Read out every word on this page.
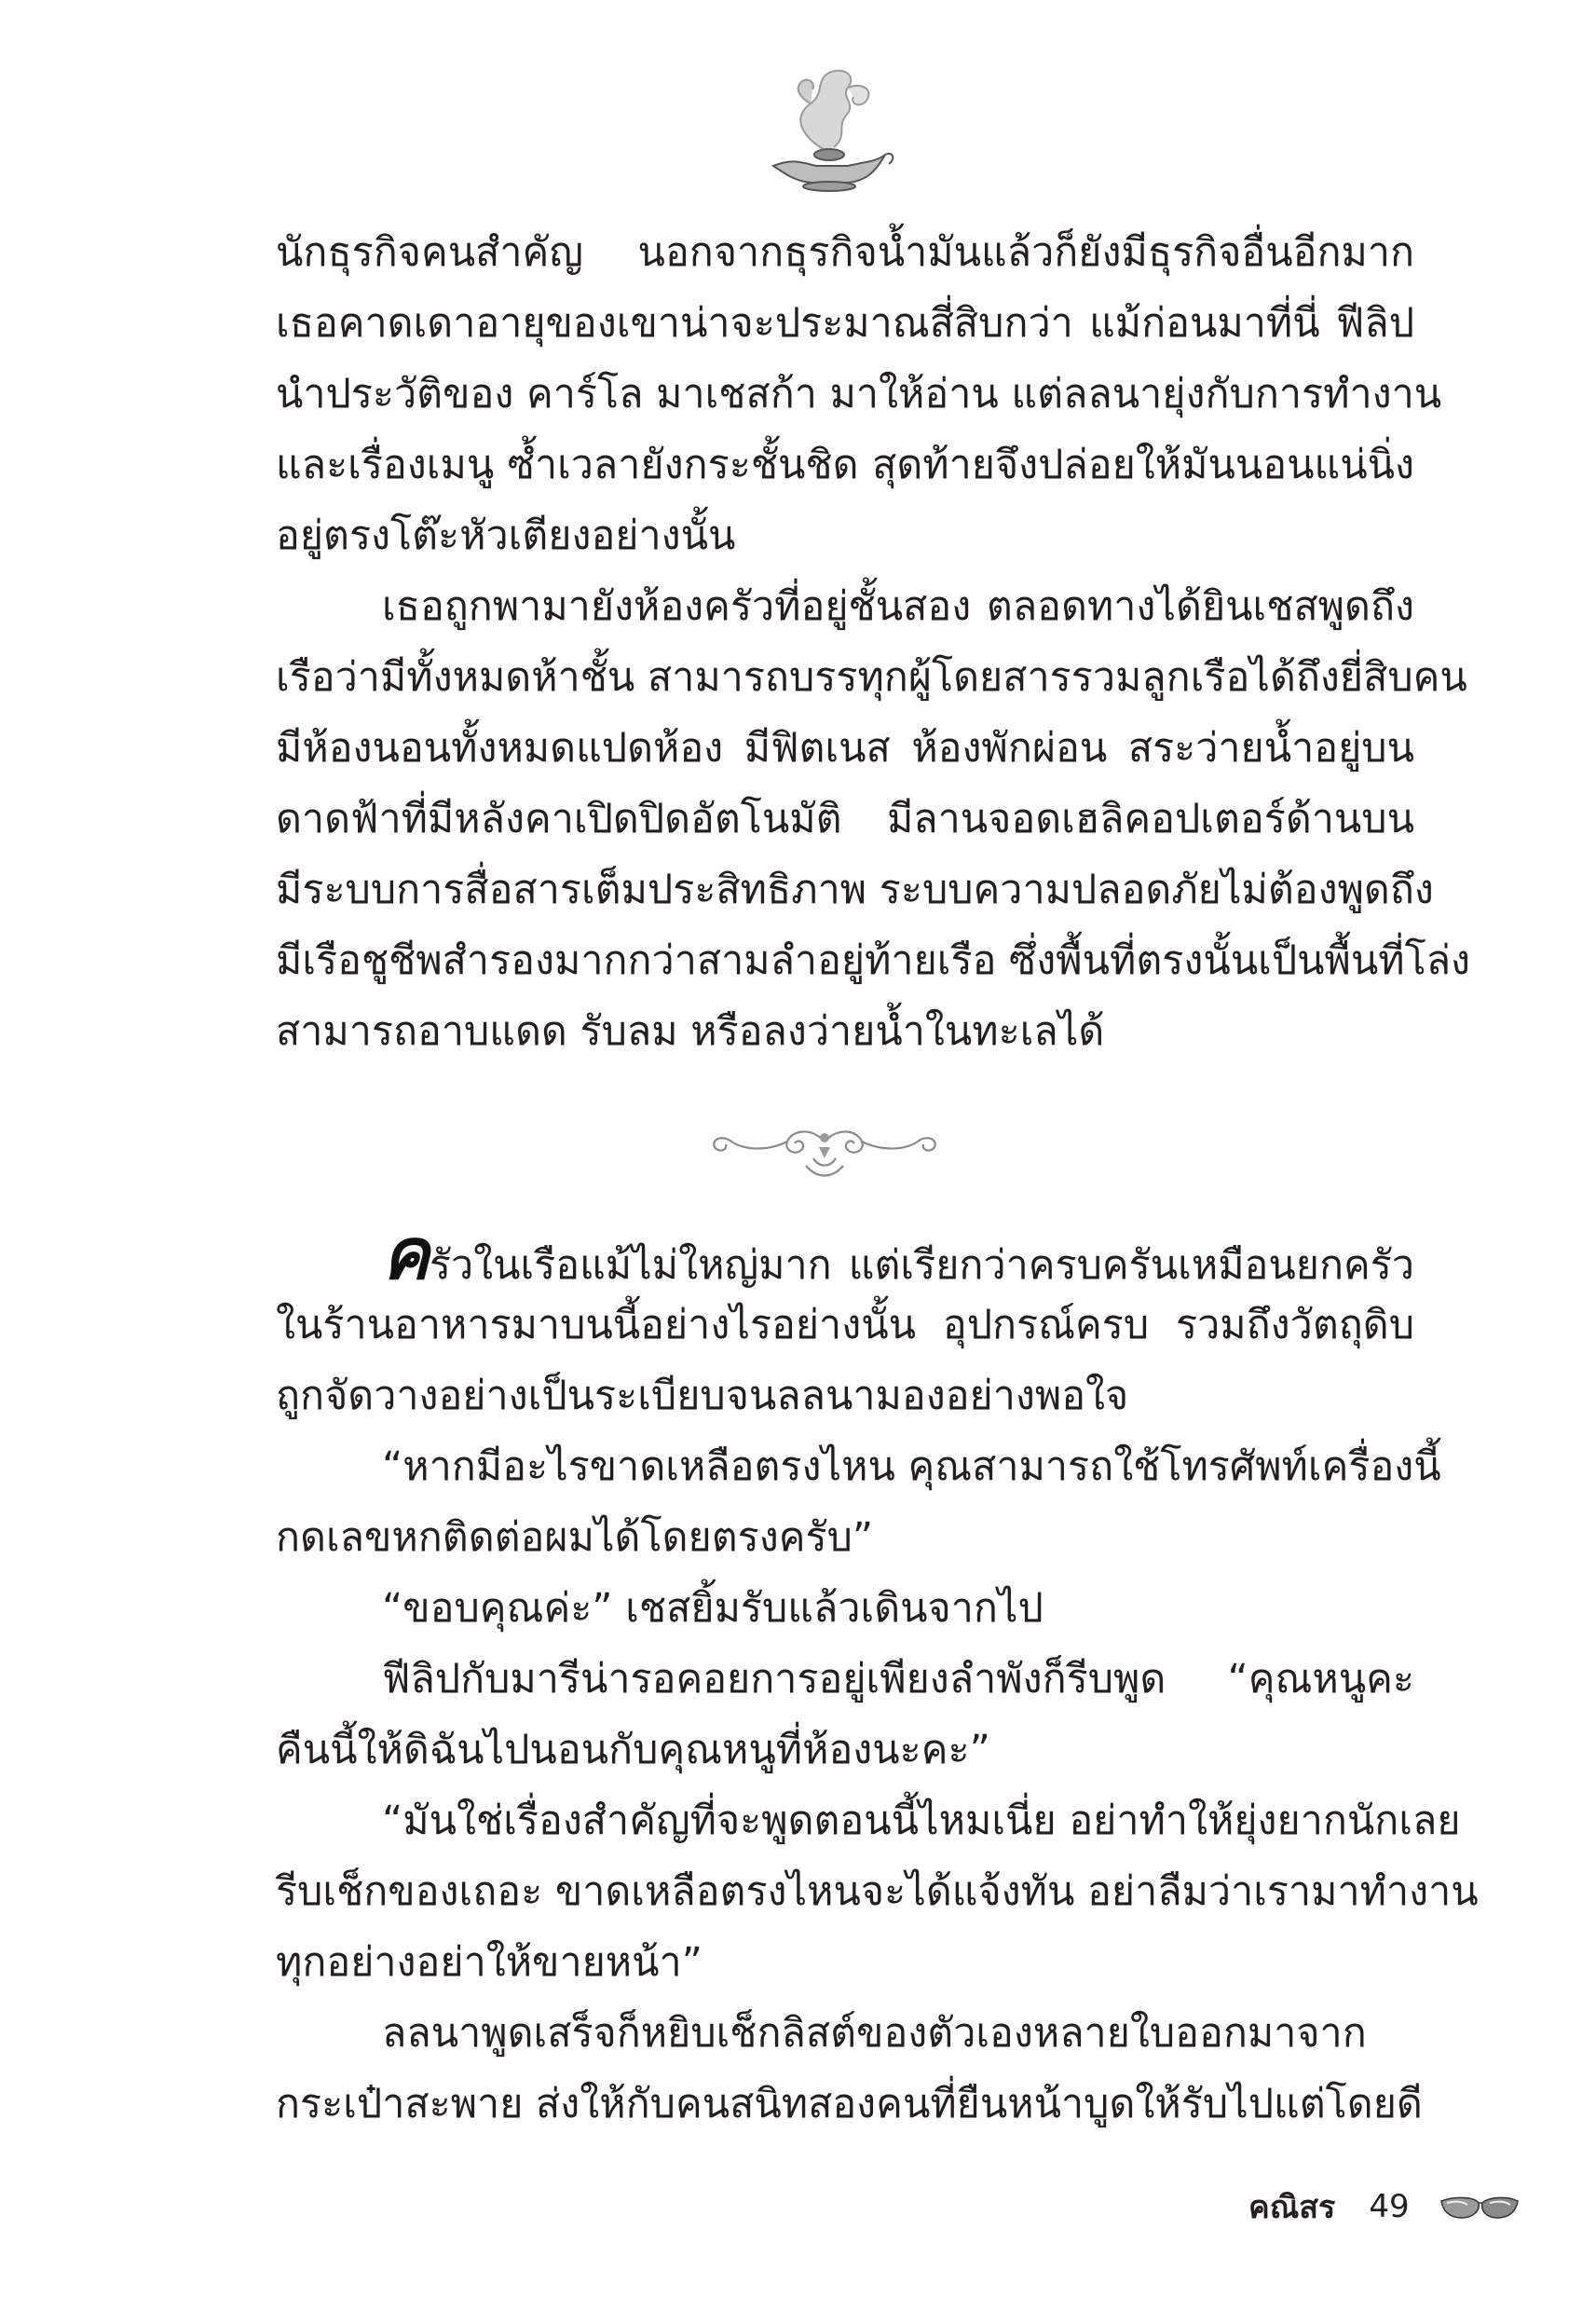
นักธุรกิจคนสำคัญ นอกจากธุรกิจน้ำมันแล้วก็ยังมีธุรกิจอื่นอีกมาก
เธอคาดเดาอายุของเขาน่าจะประมาณสี่สิบกว่า แม้ก่อนมาที่นี่ ฟีลิป
นำประวัติของ คาร์โล มาเชสก้า มาให้อ่าน แต่ลลนายุ่งกับการทำงาน
และเรื่องเมนู ซ้ำเวลายังกระชั้นชิด สุดท้ายจึงปล่อยให้มันนอนแน่นิ่ง
อยู่ตรงโต๊ะหัวเตียงอย่างนั้น
เธอถูกพามายังห้องครัวที่อยู่ชั้นสอง ตลอดทางได้ยินเชสพูดถึง
เรือว่ามีทั้งหมดห้าชั้น สามารถบรรทุกผู้โดยสารรวมลูกเรือได้ถึงยี่สิบคน
มีห้องนอนทั้งหมดแปดห้อง มีฟิตเนส ห้องพักผ่อน สระว่ายน้ำอยู่บน
ดาดฟ้าที่มีหลังคาเปิดปิดอัตโนมัติ มีลานจอดเฮลิคอปเตอร์ด้านบน
มีระบบการสื่อสารเต็มประสิทธิภาพ ระบบความปลอดภัยไม่ต้องพูดถึง
มีเรือชูชีพสำรองมากกว่าสามลำอยู่ท้ายเรือ ซึ่งพื้นที่ตรงนั้นเป็นพื้นที่โล่ง
สามารถอาบแดด รับลม หรือลงว่ายน้ำในทะเลได้
ครัวในเรือแม้ไม่ใหญ่มาก แต่เรียกว่าครบครันเหมือนยกครัว
ในร้านอาหารมาบนนี้อย่างไรอย่างนั้น อุปกรณ์ครบ รวมถึงวัตถุดิบ
ถูกจัดวางอย่างเป็นระเบียบจนลลนามองอย่างพอใจ
“หากมีอะไรขาดเหลือตรงไหน คุณสามารถใช้โทรศัพท์เครื่องนี้
กดเลขหกติดต่อผมได้โดยตรงครับ”
“ขอบคุณค่ะ” เชสยิ้มรับแล้วเดินจากไป
ฟีลิปกับมารีน่ารอคอยการอยู่เพียงลำพังก็รีบพูด “คุณหนูคะ
คืนนี้ให้ดิฉันไปนอนกับคุณหนูที่ห้องนะคะ”
“มันใช่เรื่องสำคัญที่จะพูดตอนนี้ไหมเนี่ย อย่าทำให้ยุ่งยากนักเลย
รีบเช็กของเถอะ ขาดเหลือตรงไหนจะได้แจ้งทัน อย่าลืมว่าเรามาทำงาน
ทุกอย่างอย่าให้ขายหน้า”
ลลนาพูดเสร็จก็หยิบเช็กลิสต์ของตัวเองหลายใบออกมาจาก
กระเป๋าสะพาย ส่งให้กับคนสนิทสองคนที่ยืนหน้าบูดให้รับไปแต่โดยดี
คณิสร 49
